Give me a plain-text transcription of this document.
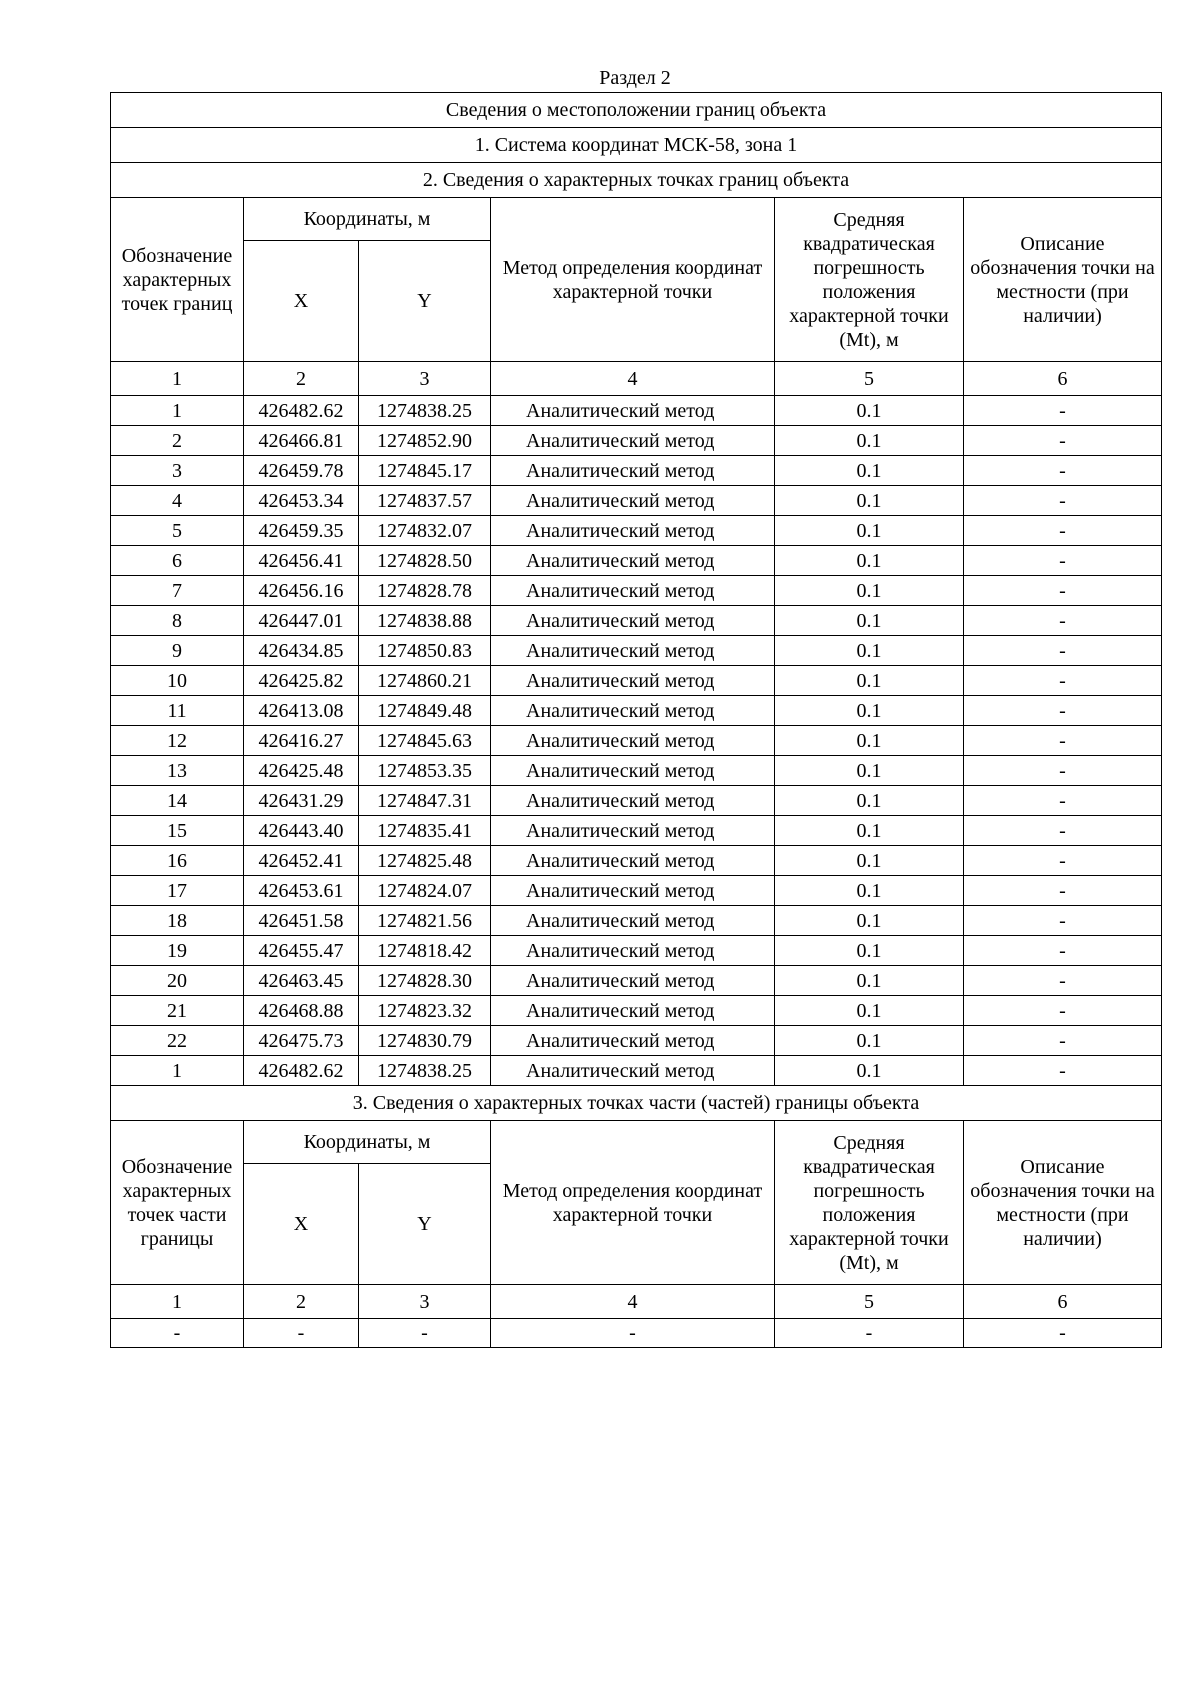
Раздел 2
Сведения о местоположении границ объекта					
1. Система координат МСК-58, зона 1					
2. Сведения о характерных точках границ объекта					
Обозначение характерных точек границ	Координаты, м		Метод определения координат характерной точки	Средняя квадратическая погрешность положения характерной точки (Mt), м	Описание обозначения точки на местности (при наличии)
	X	Y			
1	2	3	4	5	6
1	426482.62	1274838.25	Аналитический метод	0.1	-
2	426466.81	1274852.90	Аналитический метод	0.1	-
3	426459.78	1274845.17	Аналитический метод	0.1	-
4	426453.34	1274837.57	Аналитический метод	0.1	-
5	426459.35	1274832.07	Аналитический метод	0.1	-
6	426456.41	1274828.50	Аналитический метод	0.1	-
7	426456.16	1274828.78	Аналитический метод	0.1	-
8	426447.01	1274838.88	Аналитический метод	0.1	-
9	426434.85	1274850.83	Аналитический метод	0.1	-
10	426425.82	1274860.21	Аналитический метод	0.1	-
11	426413.08	1274849.48	Аналитический метод	0.1	-
12	426416.27	1274845.63	Аналитический метод	0.1	-
13	426425.48	1274853.35	Аналитический метод	0.1	-
14	426431.29	1274847.31	Аналитический метод	0.1	-
15	426443.40	1274835.41	Аналитический метод	0.1	-
16	426452.41	1274825.48	Аналитический метод	0.1	-
17	426453.61	1274824.07	Аналитический метод	0.1	-
18	426451.58	1274821.56	Аналитический метод	0.1	-
19	426455.47	1274818.42	Аналитический метод	0.1	-
20	426463.45	1274828.30	Аналитический метод	0.1	-
21	426468.88	1274823.32	Аналитический метод	0.1	-
22	426475.73	1274830.79	Аналитический метод	0.1	-
1	426482.62	1274838.25	Аналитический метод	0.1	-
3. Сведения о характерных точках части (частей) границы объекта					
Обозначение характерных точек части границы	Координаты, м		Метод определения координат характерной точки	Средняя квадратическая погрешность положения характерной точки (Mt), м	Описание обозначения точки на местности (при наличии)
	X	Y			
1	2	3	4	5	6
-	-	-	-	-	-
